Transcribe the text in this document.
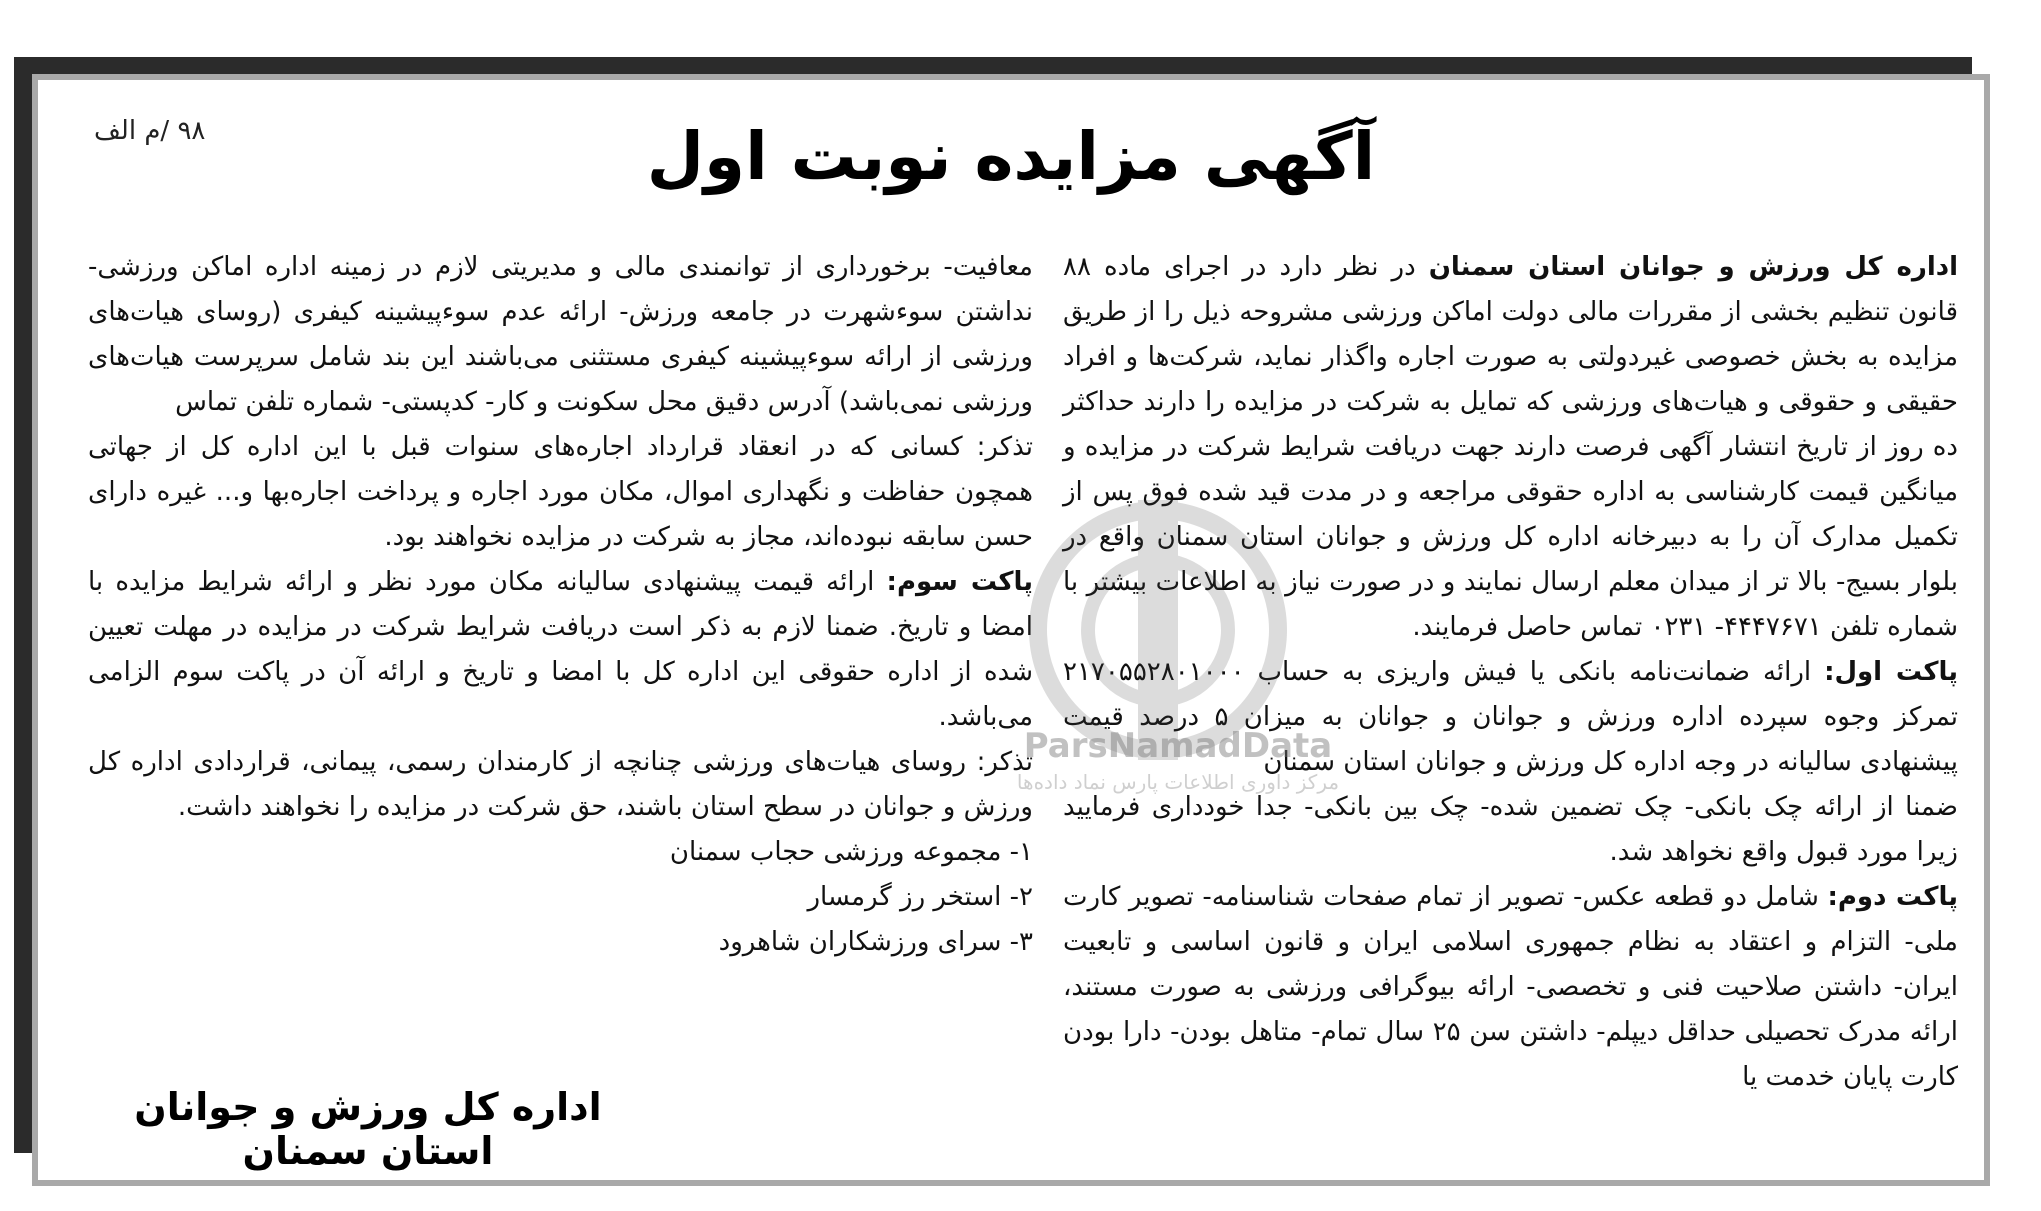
۹۸ /م الف	آگهی مزایده نوبت اول

اداره کل ورزش و جوانان استان سمنان در نظر دارد در اجرای ماده ۸۸ قانون تنظیم بخشی از مقررات مالی دولت اماکن ورزشی مشروحه ذیل را از طریق مزایده به بخش خصوصی غیردولتی به صورت اجاره واگذار نماید، شرکت‌ها و افراد حقیقی و حقوقی و هیات‌های ورزشی که تمایل به شرکت در مزایده را دارند حداکثر ده روز از تاریخ انتشار آگهی فرصت دارند جهت دریافت شرایط شرکت در مزایده و میانگین قیمت کارشناسی به اداره حقوقی مراجعه و در مدت قید شده فوق پس از تکمیل مدارک آن را به دبیرخانه اداره کل ورزش و جوانان استان سمنان واقع در بلوار بسیج- بالا تر از میدان معلم ارسال نمایند و در صورت نیاز به اطلاعات بیشتر با شماره تلفن ۴۴۴۷۶۷۱- ۰۲۳۱ تماس حاصل فرمایند.

پاکت اول: ارائه ضمانت‌نامه بانکی یا فیش واریزی به حساب ۲۱۷۰۵۵۲۸۰۱۰۰۰ تمرکز وجوه سپرده اداره ورزش و جوانان و جوانان به میزان ۵ درصد قیمت پیشنهادی سالیانه در وجه اداره کل ورزش و جوانان استان سمنان

ضمنا از ارائه چک بانکی- چک تضمین شده- چک بین بانکی- جدا خودداری فرمایید زیرا مورد قبول واقع نخواهد شد.

پاکت دوم: شامل دو قطعه عکس- تصویر از تمام صفحات شناسنامه- تصویر کارت ملی- التزام و اعتقاد به نظام جمهوری اسلامی ایران و قانون اساسی و تابعیت ایران- داشتن صلاحیت فنی و تخصصی- ارائه بیوگرافی ورزشی به صورت مستند، ارائه مدرک تحصیلی حداقل دیپلم- داشتن سن ۲۵ سال تمام- متاهل بودن- دارا بودن کارت پایان خدمت یا

معافیت- برخورداری از توانمندی مالی و مدیریتی لازم در زمینه اداره اماکن ورزشی- نداشتن سوءشهرت در جامعه ورزش- ارائه عدم سوءپیشینه کیفری (روسای هیات‌های ورزشی از ارائه سوءپیشینه کیفری مستثنی می‌باشند این بند شامل سرپرست هیات‌های ورزشی نمی‌باشد) آدرس دقیق محل سکونت و کار- کدپستی- شماره تلفن تماس

تذکر: کسانی که در انعقاد قرارداد اجاره‌های سنوات قبل با این اداره کل از جهاتی همچون حفاظت و نگهداری اموال، مکان مورد اجاره و پرداخت اجاره‌بها و... غیره دارای حسن سابقه نبوده‌اند، مجاز به شرکت در مزایده نخواهند بود.

پاکت سوم: ارائه قیمت پیشنهادی سالیانه مکان مورد نظر و ارائه شرایط مزایده با امضا و تاریخ. ضمنا لازم به ذکر است دریافت شرایط شرکت در مزایده در مهلت تعیین شده از اداره حقوقی این اداره کل با امضا و تاریخ و ارائه آن در پاکت سوم الزامی می‌باشد.

تذکر: روسای هیات‌های ورزشی چنانچه از کارمندان رسمی، پیمانی، قراردادی اداره کل ورزش و جوانان در سطح استان باشند، حق شرکت در مزایده را نخواهند داشت.

۱- مجموعه ورزشی حجاب سمنان

۲- استخر رز گرمسار

۳- سرای ورزشکاران شاهرود

اداره کل ورزش و جوانان استان سمنان
ParsNamadData
مرکز داوری اطلاعات پارس نماد داده‌ها
